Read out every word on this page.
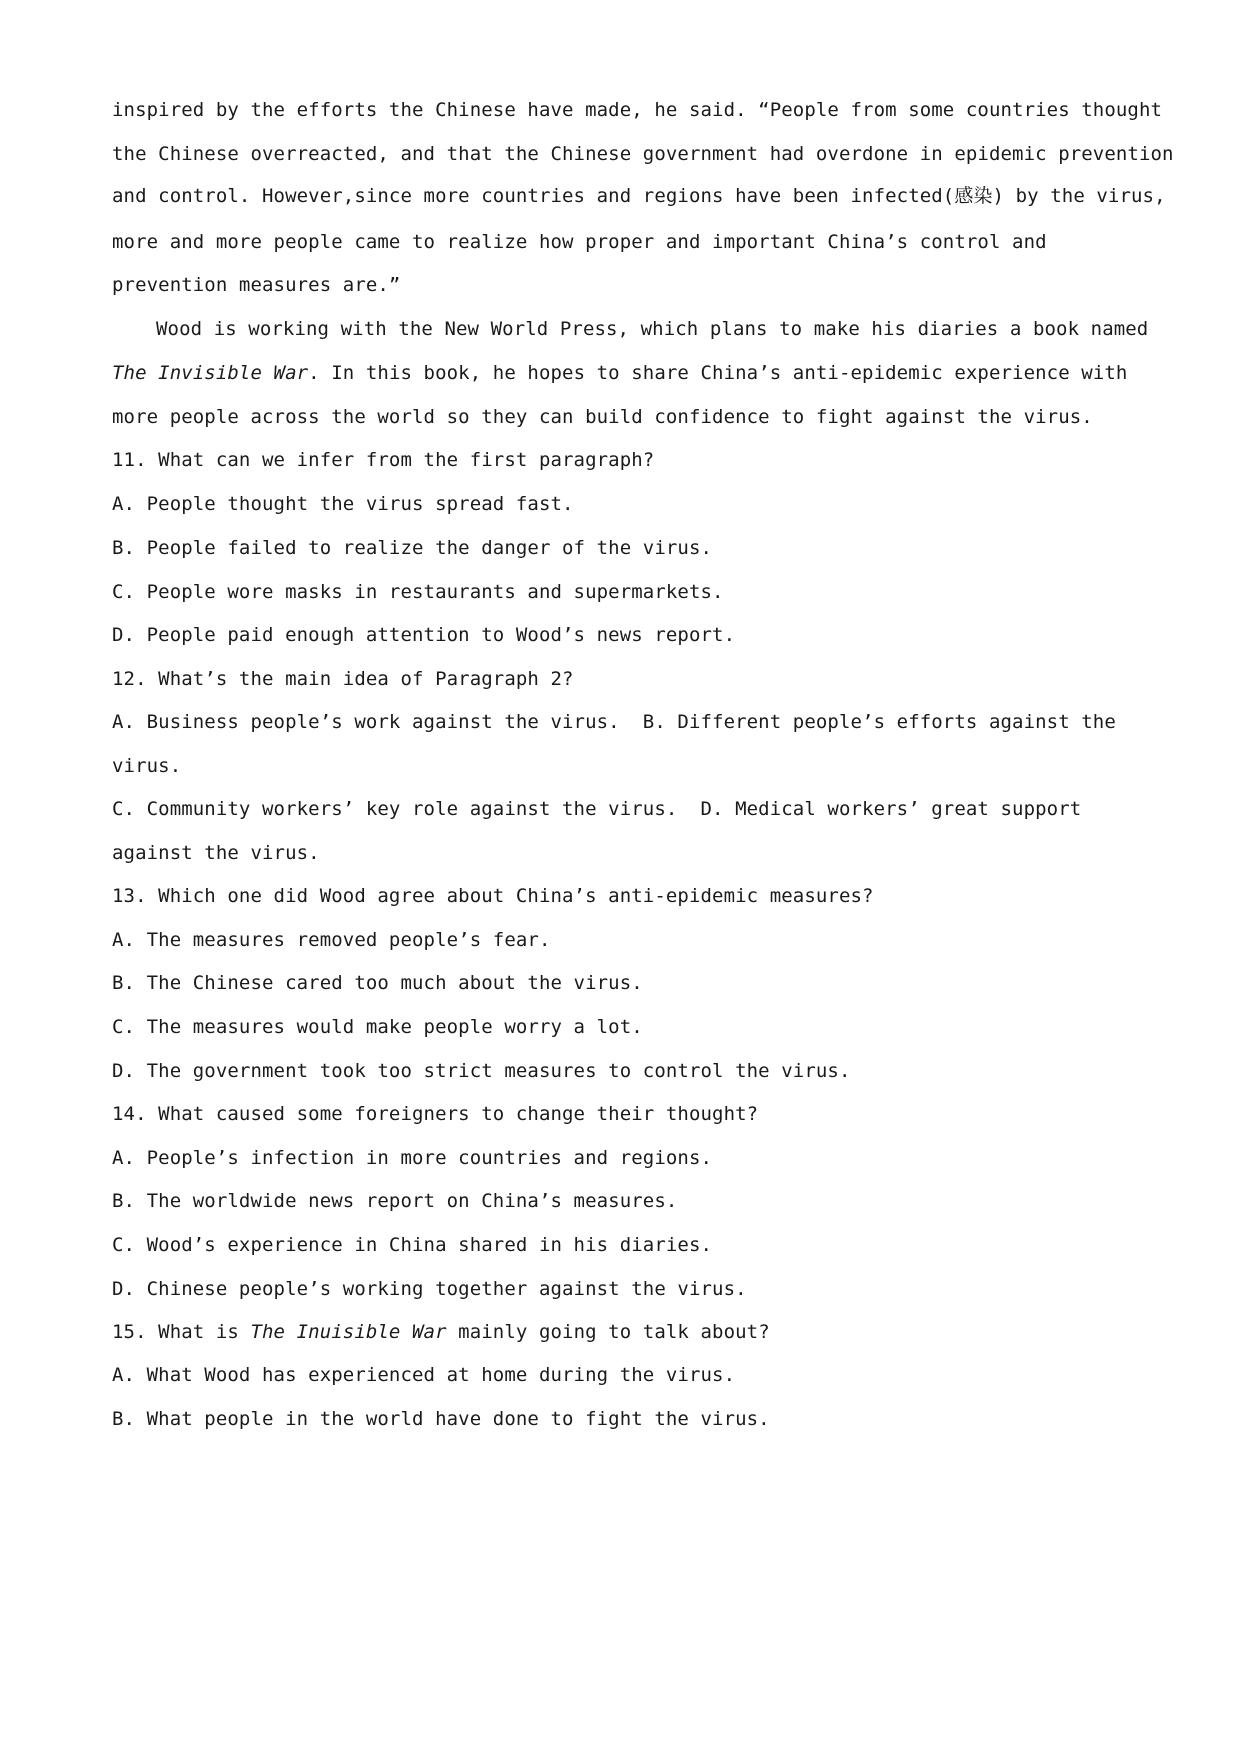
inspired by the efforts the Chinese have made, he said. “People from some countries thought
the Chinese overreacted, and that the Chinese government had overdone in epidemic prevention
and control. However,since more countries and regions have been infected(感染) by the virus,
more and more people came to realize how proper and important China’s control and
prevention measures are.”
Wood is working with the New World Press, which plans to make his diaries a book named
The Invisible War. In this book, he hopes to share China’s anti-epidemic experience with
more people across the world so they can build confidence to fight against the virus.
11. What can we infer from the first paragraph?
A. People thought the virus spread fast.
B. People failed to realize the danger of the virus.
C. People wore masks in restaurants and supermarkets.
D. People paid enough attention to Wood’s news report.
12. What’s the main idea of Paragraph 2?
A. Business people’s work against the virus.  B. Different people’s efforts against the
virus.
C. Community workers’ key role against the virus.  D. Medical workers’ great support
against the virus.
13. Which one did Wood agree about China’s anti-epidemic measures?
A. The measures removed people’s fear.
B. The Chinese cared too much about the virus.
C. The measures would make people worry a lot.
D. The government took too strict measures to control the virus.
14. What caused some foreigners to change their thought?
A. People’s infection in more countries and regions.
B. The worldwide news report on China’s measures.
C. Wood’s experience in China shared in his diaries.
D. Chinese people’s working together against the virus.
15. What is The Inuisible War mainly going to talk about?
A. What Wood has experienced at home during the virus.
B. What people in the world have done to fight the virus.
